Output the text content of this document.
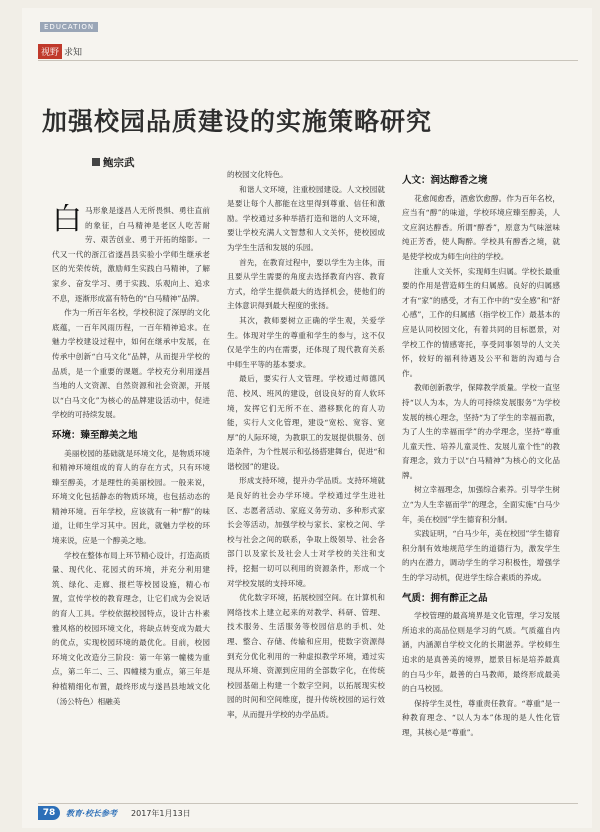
EDUCATION
视野 求知
加强校园品质建设的实施策略研究
鲍宗武

白马形象是遂昌人无所畏惧、勇往直前的象征，白马精神是老区人吃苦耐劳、艰苦创业、勇于开拓的缩影。一代又一代的浙江省遂昌县实验小学师生继承老区的光荣传统，激励师生实践白马精神，了解家乡、奋发学习、勇于实践、乐观向上、追求不息，逐渐形成富有特色的“白马精神”品牌。

作为一所百年名校，学校积淀了深厚的文化底蕴，一百年风雨历程，一百年精神追求。在魅力学校建设过程中，如何在继承中发展，在传承中创新“白马文化”品牌，从而提升学校的品质，是一个重要的课题。学校充分利用遂昌当地的人文资源、自然资源和社会资源，开展以“白马文化”为核心的品牌建设活动中，促进学校的可持续发展。

环境：臻至醇美之地

美丽校园的基础就是环境文化，是物质环境和精神环境组成的育人的存在方式，只有环境臻至醇美，才是理性的美丽校园。一般来说，环境文化包括静态的物质环境，也包括动态的精神环境。百年学校，应该就有一种“醇”的味道，让师生学习其中。因此，就魅力学校的环境来说，应是一个醇美之地。

学校在整体布局上环节精心设计，打造高质量、现代化、花园式的环境，并充分利用建筑、绿化、走廊、报栏等校园设施，精心布置，宣传学校的教育理念，让它们成为会说话的育人工具。学校依据校园特点，设计古朴素雅风格的校园环境文化，将缺点转变成为最大的优点，实现校园环境的最优化。目前，校园环境文化改造分三阶段：第一年第一幢楼为重点，第二年二、三、四幢楼为重点，第三年是种植精细化布置，最终形成与遂昌县地域文化（汤公特色）相融美

的校园文化特色。

和谐人文环境，注重校园建设。人文校园就是要让每个人都能在这里得到尊重、信任和激励。学校通过多种举措打造和谐的人文环境，要让学校充满人文智慧和人文关怀，使校园成为学生生活和发展的乐园。

首先，在教育过程中，要以学生为主体，而且要从学生需要的角度去选择教育内容、教育方式，给学生提供最大的选择机会，使他们的主体意识得到最大程度的张扬。

其次，教师要树立正确的学生观，关爱学生。体现对学生的尊重和学生的参与，这不仅仅是学生的内在需要，还体现了现代教育关系中师生平等的基本要求。

最后，要实行人文管理。学校通过师德风范、校风、班风的建设，创设良好的育人软环境，发挥它们无所不在、潜移默化的育人功能，实行人文化管理，建设“宽松、宽容、宽厚”的人际环境，为教职工的发展提供服务、创造条件，为个性展示和弘扬搭建舞台，促进“和谐校园”的建设。

形成支持环境，提升办学品质。支持环境就是良好的社会办学环境。学校通过学生进社区、志愿者活动、家庭义务劳动、多种形式家长会等活动，加强学校与家长、家校之间、学校与社会之间的联系，争取上级领导、社会各部门以及家长及社会人士对学校的关注和支持，挖掘一切可以利用的资源条件，形成一个对学校发展的支持环境。

优化数字环境，拓展校园空间。在计算机和网络技术上建立起来的对教学、科研、管理、技术服务、生活服务等校园信息的手机、处理、整合、存储、传输和应用，使数字资源得到充分优化利用的一种虚拟教学环境，通过实现从环境、资源到应用的全部数字化，在传统校园基础上构建一个数字空间，以拓展现实校园的时间和空间维度，提升传统校园的运行效率，从而提升学校的办学品质。

人文：润达醇香之境

花愈闻愈香，酒愈饮愈醇。作为百年名校，应当有“醇”的味道，学校环境应臻至醇美，人文应润达醇香。所谓“醇香”，原意为气味滋味纯正芳香，使人陶醉。学校具有醇香之境，就是使学校成为师生向往的学校。

注重人文关怀，实现师生归属。学校长最重要的作用是营造师生的归属感。良好的归属感才有“家”的感受，才有工作中的“安全感”和“舒心感”，工作的归属感（指学校工作）最基本的应是认同校园文化，有着共同的目标愿景，对学校工作的情感寄托，享受同事领导的人文关怀，较好的福利待遇及公平和谐的沟通与合作。

教师创新教学，保障教学质量。学校一直坚持“以人为本，为人的可持续发展服务”为学校发展的核心理念，坚持“为了学生的幸福而教，为了人生的幸福而学”的办学理念，坚持“尊重儿童天性、培养儿童灵性、发展儿童个性”的教育理念，致力于以“白马精神”为核心的文化品牌。

树立幸福理念，加强综合素养。引导学生树立“为人生幸福而学”的理念，全面实施“白马少年，美在校园”学生德育积分制。

实践证明，“白马少年，美在校园”学生德育积分制有效地规范学生的道德行为，激发学生的内在潜力，调动学生的学习积极性，增强学生的学习动机，促进学生综合素质的养成。

气质：拥有醉正之品

学校管理的最高境界是文化管理，学习发展所追求的高品位则是学习的气质。气质蕴自内涵，内涵源自学校文化的长期滋养。学校师生追求的是真善美的境界，愿景目标是培养最真的白马少年，最善的白马教师，最终形成最美的白马校园。

保持学生灵性，尊重责任教育。“尊重”是一种教育理念、“以人为本”体现的是人性化管理，其核心是“尊重”。

78	教育·校长参考 2017年1月13日
